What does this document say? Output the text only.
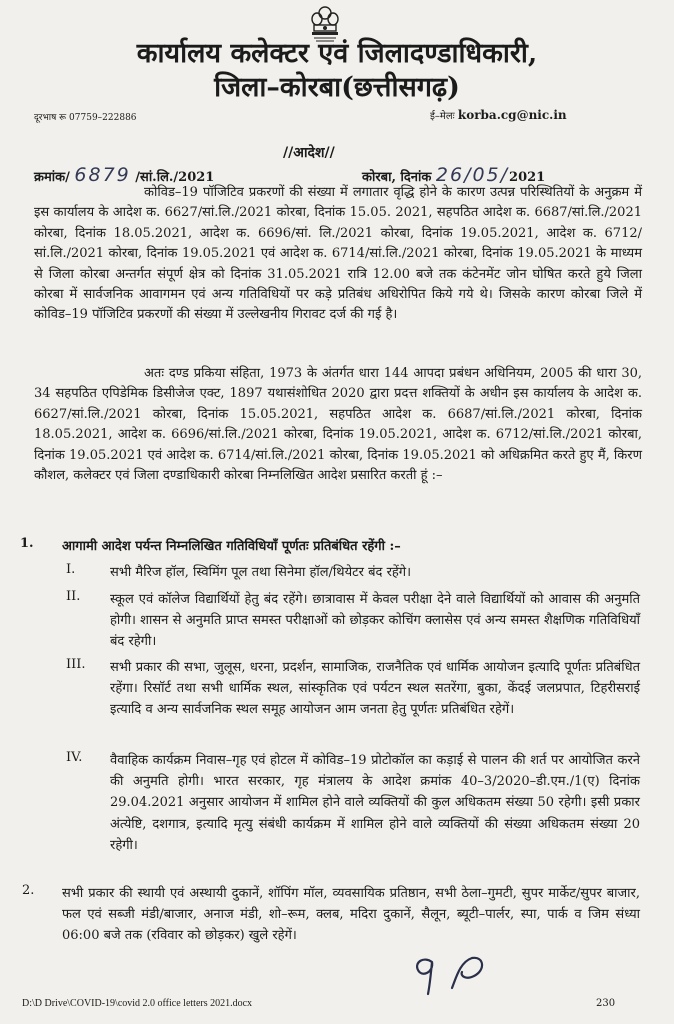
कार्यालय कलेक्टर एवं जिलादण्डाधिकारी,
जिला–कोरबा(छत्तीसगढ़)
दूरभाष रू 07759–222886	ई–मेलः korba.cg@nic.in
//आदेश//
क्रमांक/ 6879 /सां.लि./2021	कोरबा, दिनांक 26/05/2021

कोविड–19 पॉजिटिव प्रकरणों की संख्या में लगातार वृद्धि होने के कारण उत्पन्न परिस्थितियों के अनुक्रम में इस कार्यालय के आदेश क. 6627/सां.लि./2021 कोरबा, दिनांक 15.05. 2021, सहपठित आदेश क. 6687/सां.लि./2021 कोरबा, दिनांक 18.05.2021, आदेश क. 6696/सां. लि./2021 कोरबा, दिनांक 19.05.2021, आदेश क. 6712/सां.लि./2021 कोरबा, दिनांक 19.05.2021 एवं आदेश क. 6714/सां.लि./2021 कोरबा, दिनांक 19.05.2021 के माध्यम से जिला कोरबा अन्तर्गत संपूर्ण क्षेत्र को दिनांक 31.05.2021 रात्रि 12.00 बजे तक कंटेनमेंट जोन घोषित करते हुये जिला कोरबा में सार्वजनिक आवागमन एवं अन्य गतिविधियों पर कड़े प्रतिबंध अधिरोपित किये गये थे। जिसके कारण कोरबा जिले में कोविड–19 पॉजिटिव प्रकरणों की संख्या में उल्लेखनीय गिरावट दर्ज की गई है।

अतः दण्ड प्रकिया संहिता, 1973 के अंतर्गत धारा 144 आपदा प्रबंधन अधिनियम, 2005 की धारा 30, 34 सहपठित एपिडेमिक डिसीजेज एक्ट, 1897 यथासंशोधित 2020 द्वारा प्रदत्त शक्तियों के अधीन इस कार्यालय के आदेश क. 6627/सां.लि./2021 कोरबा, दिनांक 15.05.2021, सहपठित आदेश क. 6687/सां.लि./2021 कोरबा, दिनांक 18.05.2021, आदेश क. 6696/सां.लि./2021 कोरबा, दिनांक 19.05.2021, आदेश क. 6712/सां.लि./2021 कोरबा, दिनांक 19.05.2021 एवं आदेश क. 6714/सां.लि./2021 कोरबा, दिनांक 19.05.2021 को अधिक्रमित करते हुए मैं, किरण कौशल, कलेक्टर एवं जिला दण्डाधिकारी कोरबा निम्नलिखित आदेश प्रसारित करती हूं :–

1. आगामी आदेश पर्यन्त निम्नलिखित गतिविधियॉं पूर्णतः प्रतिबंधित रहेंगी :–
I.	सभी मैरिज हॉल, स्विमिंग पूल तथा सिनेमा हॉल/थियेटर बंद रहेंगे।

II. स्कूल एवं कॉलेज विद्यार्थियों हेतु बंद रहेंगे। छात्रावास में केवल परीक्षा देने वाले विद्यार्थियों को आवास की अनुमति होगी। शासन से अनुमति प्राप्त समस्त परीक्षाओं को छोड़कर कोचिंग क्लासेस एवं अन्य समस्त शैक्षणिक गतिविधियॉं बंद रहेगी।

III. सभी प्रकार की सभा, जुलूस, धरना, प्रदर्शन, सामाजिक, राजनैतिक एवं धार्मिक आयोजन इत्यादि पूर्णतः प्रतिबंधित रहेंगा। रिसॉर्ट तथा सभी धार्मिक स्थल, सांस्कृतिक एवं पर्यटन स्थल सतरेंगा, बुका, केंदई जलप्रपात, टिहरीसराई इत्यादि व अन्य सार्वजनिक स्थल समूह आयोजन आम जनता हेतु पूर्णतः प्रतिबंधित रहेगें।

IV. वैवाहिक कार्यक्रम निवास–गृह एवं होटल में कोविड–19 प्रोटोकॉल का कड़ाई से पालन की शर्त पर आयोजित करने की अनुमति होगी। भारत सरकार, गृह मंत्रालय के आदेश क्रमांक 40–3/2020–डी.एम./1(ए) दिनांक 29.04.2021 अनुसार आयोजन में शामिल होने वाले व्यक्तियों की कुल अधिकतम संख्या 50 रहेगी। इसी प्रकार अंत्येष्टि, दशगात्र, इत्यादि मृत्यु संबंधी कार्यक्रम में शामिल होने वाले व्यक्तियों की संख्या अधिकतम संख्या 20 रहेगी।

2. सभी प्रकार की स्थायी एवं अस्थायी दुकानें, शॉपिंग मॉल, व्यवसायिक प्रतिष्ठान, सभी ठेला–गुमटी, सुपर मार्केट/सुपर बाजार, फल एवं सब्जी मंडी/बाजार, अनाज मंडी, शो–रूम, क्लब, मदिरा दुकानें, सैलून, ब्यूटी–पार्लर, स्पा, पार्क व जिम संध्या 06:00 बजे तक (रविवार को छोड़कर) खुले रहेगें।

D:\D Drive\COVID-19\covid 2.0 office letters 2021.docx	230
